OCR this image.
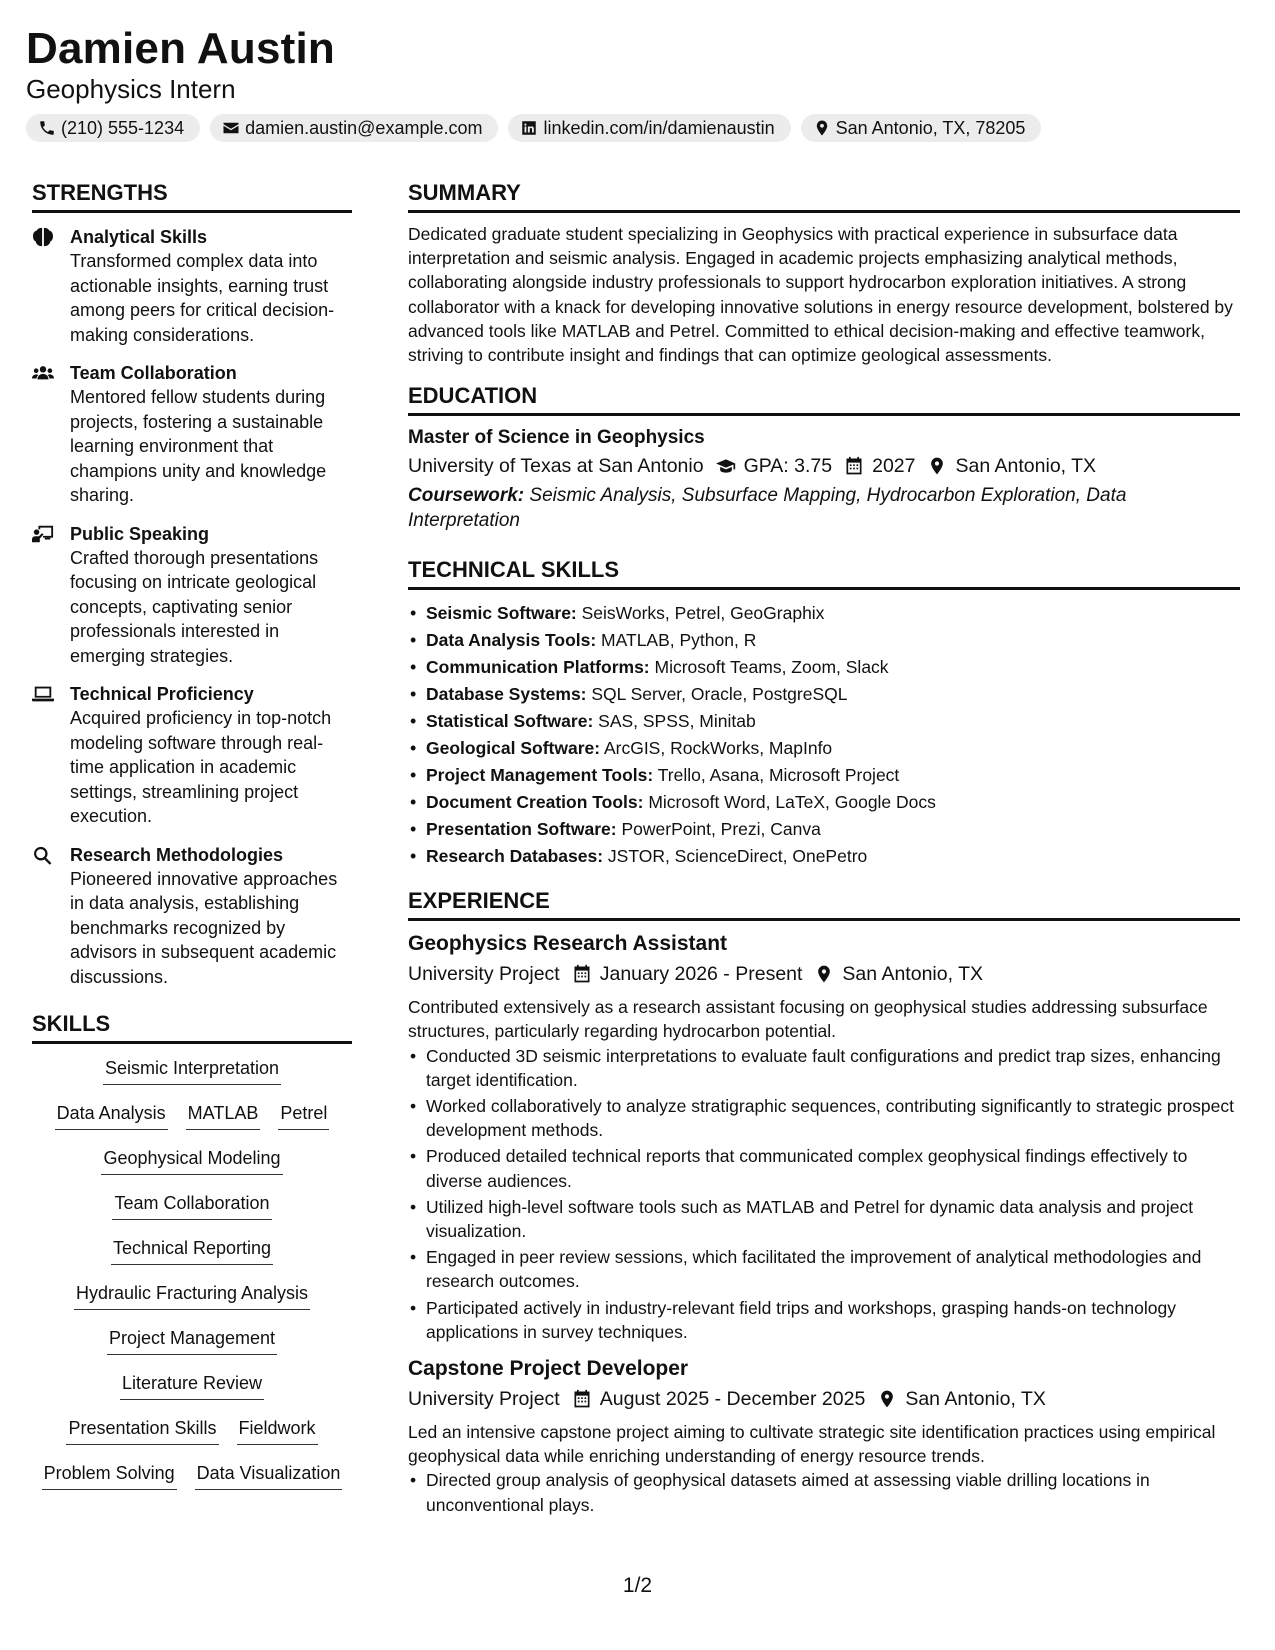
Damien Austin
Geophysics Intern
(210) 555-1234	damien.austin@example.com	linkedin.com/in/damienaustin	San Antonio, TX, 78205
STRENGTHS
Analytical Skills
Transformed complex data into actionable insights, earning trust among peers for critical decision-making considerations.
Team Collaboration
Mentored fellow students during projects, fostering a sustainable learning environment that champions unity and knowledge sharing.
Public Speaking
Crafted thorough presentations focusing on intricate geological concepts, captivating senior professionals interested in emerging strategies.
Technical Proficiency
Acquired proficiency in top-notch modeling software through real-time application in academic settings, streamlining project execution.
Research Methodologies
Pioneered innovative approaches in data analysis, establishing benchmarks recognized by advisors in subsequent academic discussions.
SKILLS
Seismic Interpretation
Data Analysis MATLAB Petrel
Geophysical Modeling
Team Collaboration
Technical Reporting
Hydraulic Fracturing Analysis
Project Management
Literature Review
Presentation Skills Fieldwork
Problem Solving Data Visualization
SUMMARY

Dedicated graduate student specializing in Geophysics with practical experience in subsurface data interpretation and seismic analysis. Engaged in academic projects emphasizing analytical methods, collaborating alongside industry professionals to support hydrocarbon exploration initiatives. A strong collaborator with a knack for developing innovative solutions in energy resource development, bolstered by advanced tools like MATLAB and Petrel. Committed to ethical decision-making and effective teamwork, striving to contribute insight and findings that can optimize geological assessments.

EDUCATION
Master of Science in Geophysics
University of Texas at San Antonio GPA: 3.75 2027 San Antonio, TX
Coursework: Seismic Analysis, Subsurface Mapping, Hydrocarbon Exploration, Data Interpretation
TECHNICAL SKILLS
• Seismic Software: SeisWorks, Petrel, GeoGraphix
• Data Analysis Tools: MATLAB, Python, R
• Communication Platforms: Microsoft Teams, Zoom, Slack
• Database Systems: SQL Server, Oracle, PostgreSQL
• Statistical Software: SAS, SPSS, Minitab
• Geological Software: ArcGIS, RockWorks, MapInfo
• Project Management Tools: Trello, Asana, Microsoft Project
• Document Creation Tools: Microsoft Word, LaTeX, Google Docs
• Presentation Software: PowerPoint, Prezi, Canva
• Research Databases: JSTOR, ScienceDirect, OnePetro
EXPERIENCE
Geophysics Research Assistant
University Project January 2026 - Present San Antonio, TX

Contributed extensively as a research assistant focusing on geophysical studies addressing subsurface structures, particularly regarding hydrocarbon potential.

• Conducted 3D seismic interpretations to evaluate fault configurations and predict trap sizes, enhancing target identification.
• Worked collaboratively to analyze stratigraphic sequences, contributing significantly to strategic prospect development methods.
• Produced detailed technical reports that communicated complex geophysical findings effectively to diverse audiences.
• Utilized high-level software tools such as MATLAB and Petrel for dynamic data analysis and project visualization.
• Engaged in peer review sessions, which facilitated the improvement of analytical methodologies and research outcomes.
• Participated actively in industry-relevant field trips and workshops, grasping hands-on technology applications in survey techniques.
Capstone Project Developer
University Project August 2025 - December 2025 San Antonio, TX

Led an intensive capstone project aiming to cultivate strategic site identification practices using empirical geophysical data while enriching understanding of energy resource trends.

• Directed group analysis of geophysical datasets aimed at assessing viable drilling locations in unconventional plays.
1/2
